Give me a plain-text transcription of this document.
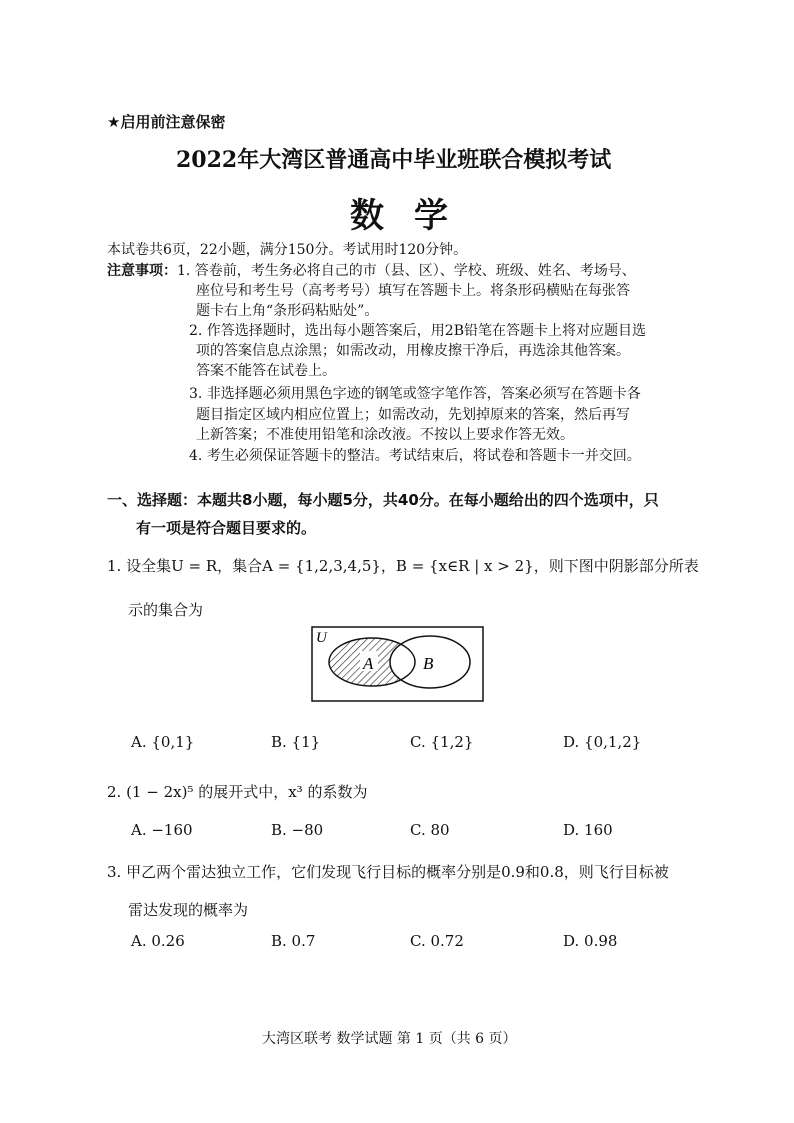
★启用前注意保密
2022年大湾区普通高中毕业班联合模拟考试
数学
本试卷共6页，22小题，满分150分。考试用时120分钟。
注意事项： 1. 答卷前，考生务必将自己的市（县、区）、学校、班级、姓名、考场号、
座位号和考生号（高考考号）填写在答题卡上。将条形码横贴在每张答
题卡右上角“条形码粘贴处”。
2. 作答选择题时，选出每小题答案后，用2B铅笔在答题卡上将对应题目选
项的答案信息点涂黑；如需改动，用橡皮擦干净后，再选涂其他答案。
答案不能答在试卷上。
3. 非选择题必须用黑色字迹的钢笔或签字笔作答，答案必须写在答题卡各
题目指定区域内相应位置上；如需改动，先划掉原来的答案，然后再写
上新答案；不准使用铅笔和涂改液。不按以上要求作答无效。
4. 考生必须保证答题卡的整洁。考试结束后，将试卷和答题卡一并交回。
一、选择题：本题共8小题，每小题5分，共40分。在每小题给出的四个选项中，只
有一项是符合题目要求的。
1. 设全集U = R，集合A = {1,2,3,4,5}，B = {x∈R | x > 2}，则下图中阴影部分所表
示的集合为
U
A	B
A. {0,1}	B. {1}	C. {1,2}	D. {0,1,2}
2. (1 − 2x)⁵ 的展开式中，x³ 的系数为
A. −160	B. −80	C. 80	D. 160
3. 甲乙两个雷达独立工作，它们发现飞行目标的概率分别是0.9和0.8，则飞行目标被
雷达发现的概率为
A. 0.26	B. 0.7	C. 0.72	D. 0.98
大湾区联考 数学试题 第 1 页（共 6 页）
